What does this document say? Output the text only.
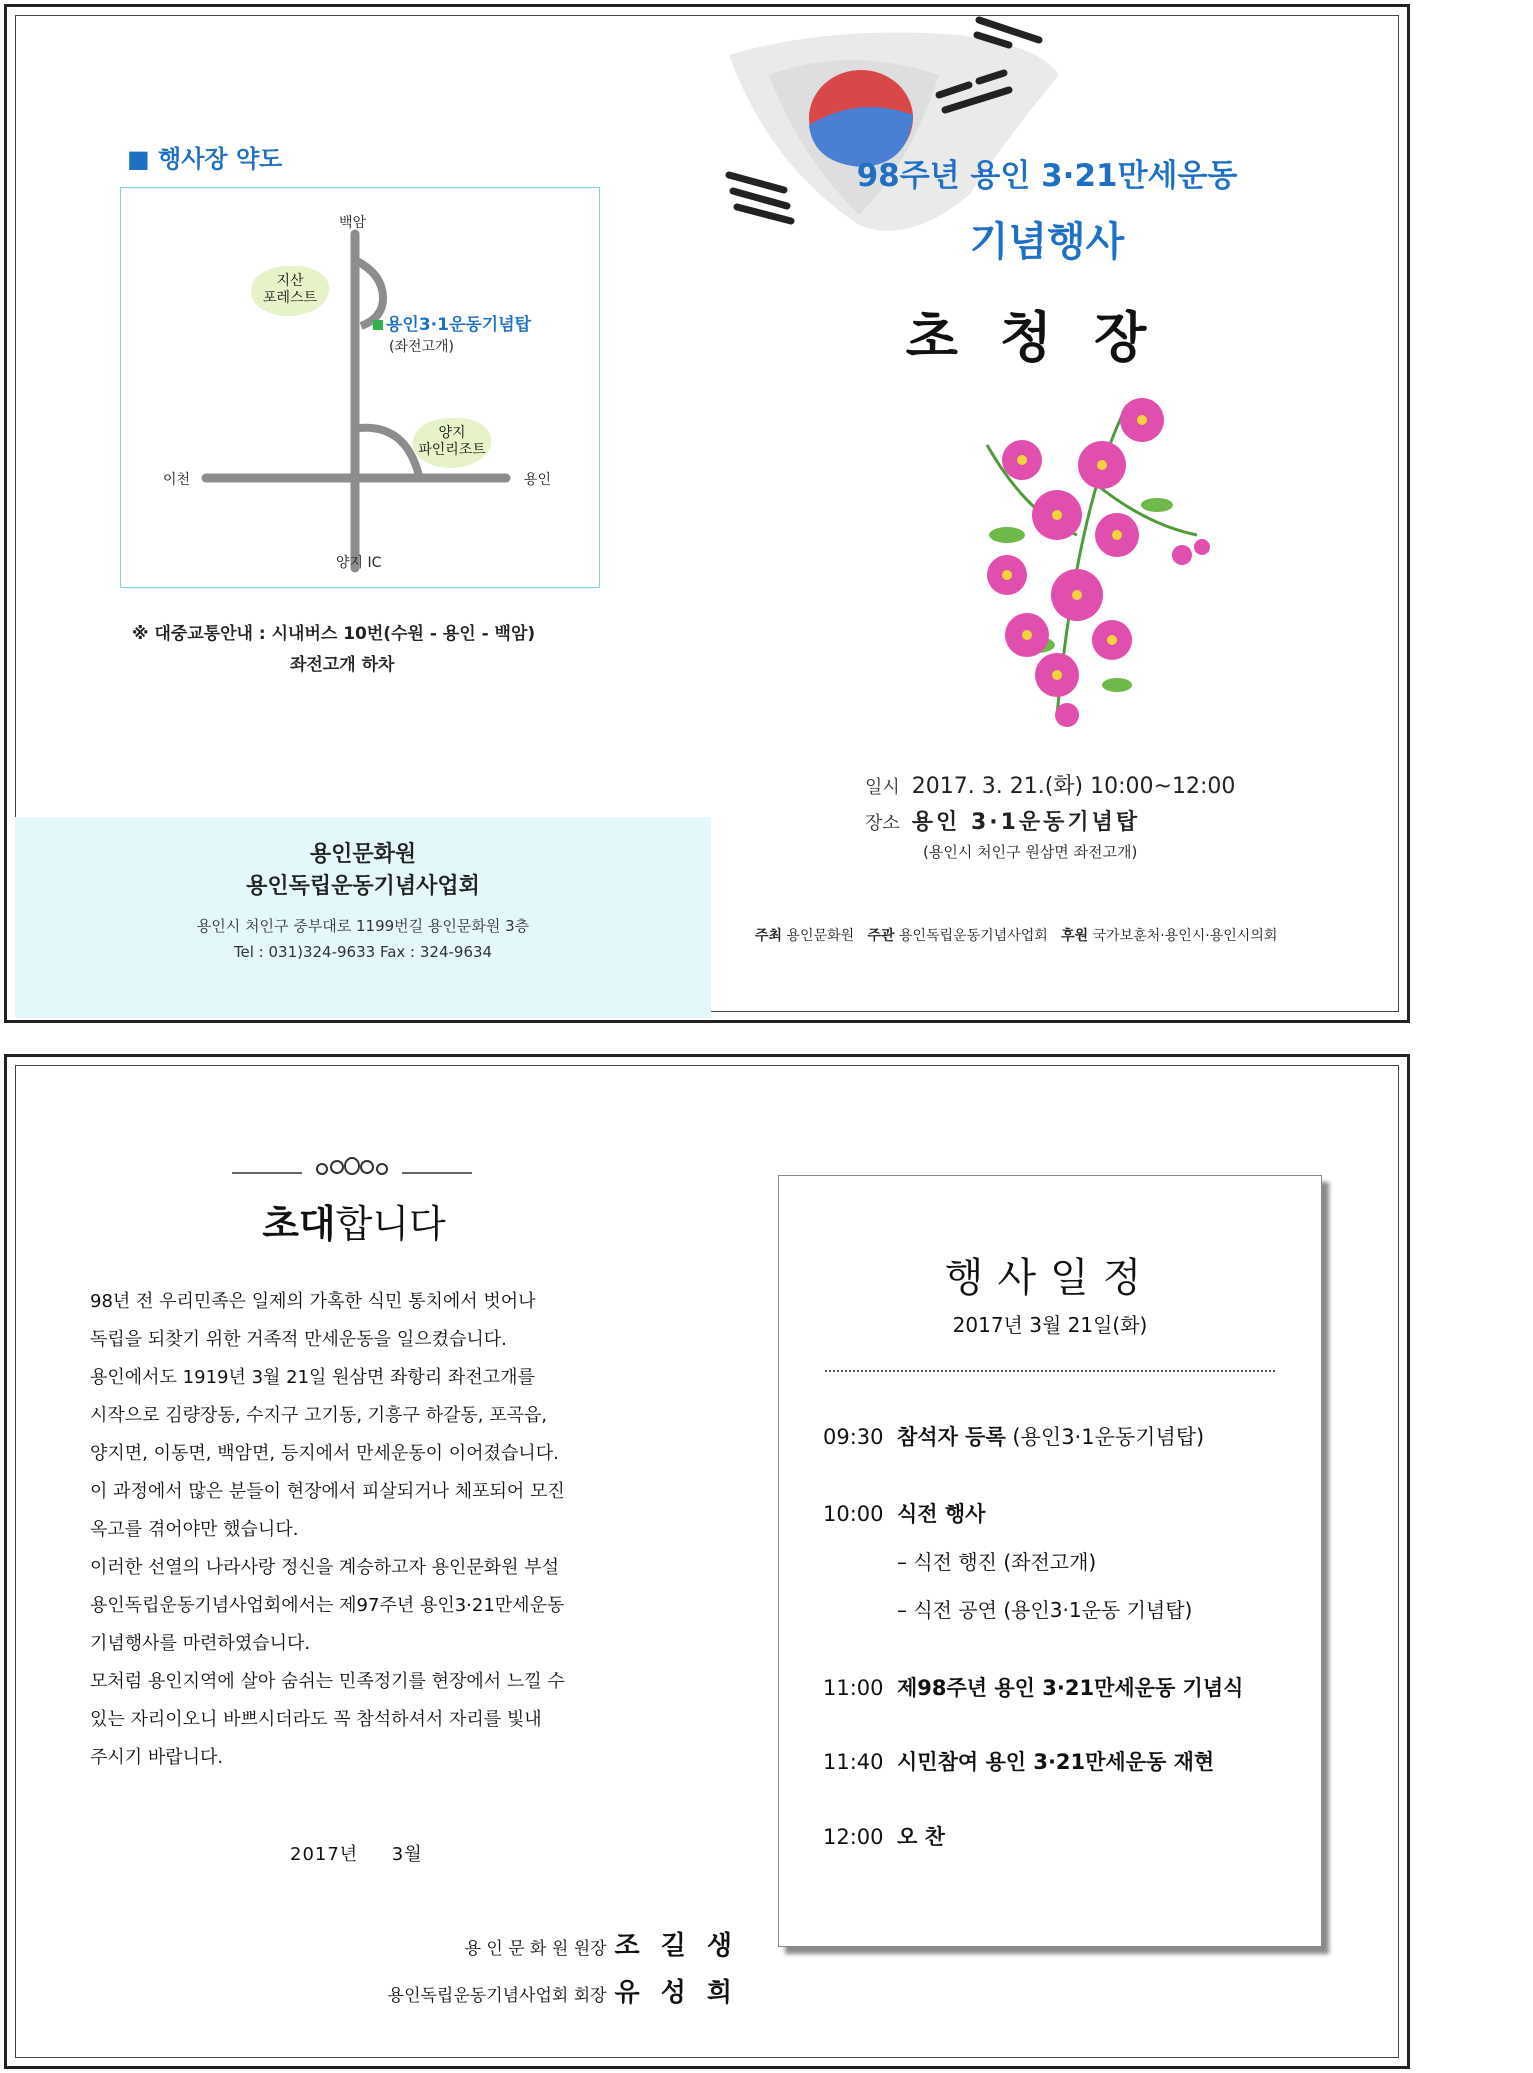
■ 행사장 약도
백암
양지 IC
이천	용인
지산
포레스트
용인3·1운동기념탑
(좌전고개)
양지
파인리조트
※ 대중교통안내 : 시내버스 10번(수원 - 용인 - 백암)
좌전고개 하차
용인문화원
용인독립운동기념사업회
용인시 처인구 중부대로 1199번길 용인문화원 3층
Tel : 031)324-9633 Fax : 324-9634
98주년 용인 3·21만세운동
기념행사
초청장
일시 2017. 3. 21.(화) 10:00~12:00
장소 용인 3·1운동기념탑
(용인시 처인구 원삼면 좌전고개)
주최 용인문화원 주관 용인독립운동기념사업회 후원 국가보훈처·용인시·용인시의회
초대합니다

98년 전 우리민족은 일제의 가혹한 식민 통치에서 벗어나

독립을 되찾기 위한 거족적 만세운동을 일으켰습니다.

용인에서도 1919년 3월 21일 원삼면 좌항리 좌전고개를

시작으로 김량장동, 수지구 고기동, 기흥구 하갈동, 포곡읍,

양지면, 이동면, 백암면, 등지에서 만세운동이 이어졌습니다.

이 과정에서 많은 분들이 현장에서 피살되거나 체포되어 모진

옥고를 겪어야만 했습니다.

이러한 선열의 나라사랑 정신을 계승하고자 용인문화원 부설

용인독립운동기념사업회에서는 제97주년 용인3·21만세운동

기념행사를 마련하였습니다.

모처럼 용인지역에 살아 숨쉬는 민족정기를 현장에서 느낄 수

있는 자리이오니 바쁘시더라도 꼭 참석하셔서 자리를 빛내

주시기 바랍니다.

2017년     3월
용 인 문 화 원 원장 조 길 생
용인독립운동기념사업회 회장 유 성 희
행사일정
2017년 3월 21일(화)
09:30 참석자 등록 (용인3·1운동기념탑)
10:00 식전 행사
– 식전 행진 (좌전고개)
– 식전 공연 (용인3·1운동 기념탑)
11:00 제98주년 용인 3·21만세운동 기념식
11:40 시민참여 용인 3·21만세운동 재현
12:00 오 찬
